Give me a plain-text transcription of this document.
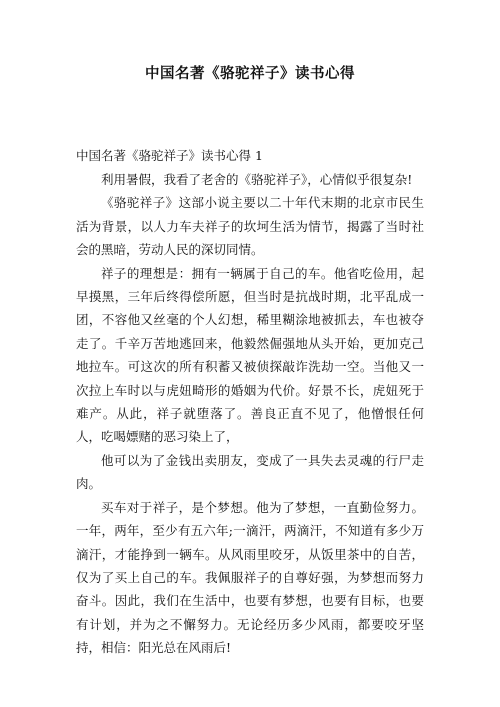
中国名著《骆驼祥子》读书心得
中国名著《骆驼祥子》读书心得 1

利用暑假，我看了老舍的《骆驼祥子》，心情似乎很复杂!

《骆驼祥子》这部小说主要以二十年代末期的北京市民生活为背景，以人力车夫祥子的坎坷生活为情节，揭露了当时社会的黑暗，劳动人民的深切同情。

祥子的理想是：拥有一辆属于自己的车。他省吃俭用，起早摸黑，三年后终得偿所愿，但当时是抗战时期，北平乱成一团，不容他又丝毫的个人幻想，稀里糊涂地被抓去，车也被夺走了。千辛万苦地逃回来，他毅然倔强地从头开始，更加克己地拉车。可这次的所有积蓄又被侦探敲诈洗劫一空。当他又一次拉上车时以与虎妞畸形的婚姻为代价。好景不长，虎妞死于难产。从此，祥子就堕落了。善良正直不见了，他憎恨任何人，吃喝嫖赌的恶习染上了，

他可以为了金钱出卖朋友，变成了一具失去灵魂的行尸走肉。

买车对于祥子，是个梦想。他为了梦想，一直勤俭努力。一年，两年，至少有五六年;一滴汗，两滴汗，不知道有多少万滴汗，才能挣到一辆车。从风雨里咬牙，从饭里茶中的自苦，仅为了买上自己的车。我佩服祥子的自尊好强，为梦想而努力奋斗。因此，我们在生活中，也要有梦想，也要有目标，也要有计划，并为之不懈努力。无论经历多少风雨，都要咬牙坚持，相信：阳光总在风雨后!
